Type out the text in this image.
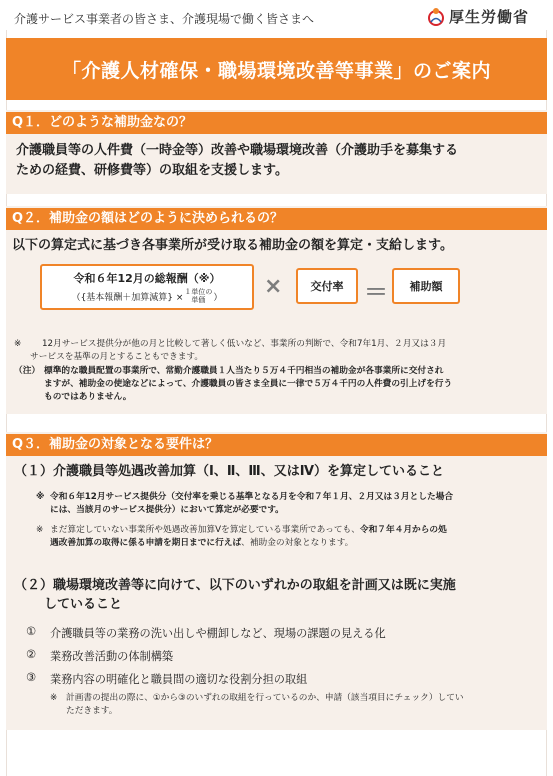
介護サービス事業者の皆さま、介護現場で働く皆さまへ	厚生労働省
「介護人材確保・職場環境改善等事業」のご案内
Q１．どのような補助金なの？
介護職員等の人件費（一時金等）改善や職場環境改善（介護助手を募集する
ための経費、研修費等）の取組を支援します。
Q２．補助金の額はどのように決められるの？
以下の算定式に基づき各事業所が受け取る補助金の額を算定・支給します。
令和６年12月の総報酬（※）
（{基本報酬＋加算減算} ×
１単位の
単価 ） ×	交付率 ＝	補助額
※ 12月サービス提供分が他の月と比較して著しく低いなど、事業所の判断で、令和7年1月、２月又は３月
サービスを基準の月とすることもできます。
（注） 標準的な職員配置の事業所で、常勤介護職員１人当たり５万４千円相当の補助金が各事業所に交付され
ますが、補助金の使途などによって、介護職員の皆さま全員に一律で５万４千円の人件費の引上げを行う
ものではありません。
Q３．補助金の対象となる要件は？
（１）介護職員等処遇改善加算（Ⅰ、Ⅱ、Ⅲ、又はⅣ）を算定していること
※ 令和６年12月サービス提供分（交付率を乗じる基準となる月を令和７年１月、２月又は３月とした場合
には、当該月のサービス提供分）において算定が必要です。
※ まだ算定していない事業所や処遇改善加算Ⅴを算定している事業所であっても、令和７年４月からの処
遇改善加算の取得に係る申請を期日までに行えば、補助金の対象となります。
（２）職場環境改善等に向けて、以下のいずれかの取組を計画又は既に実施
していること
① 介護職員等の業務の洗い出しや棚卸しなど、現場の課題の見える化
② 業務改善活動の体制構築
③ 業務内容の明確化と職員間の適切な役割分担の取組
※ 計画書の提出の際に、①から③のいずれの取組を行っているのか、申請（該当項目にチェック）してい
ただきます。
